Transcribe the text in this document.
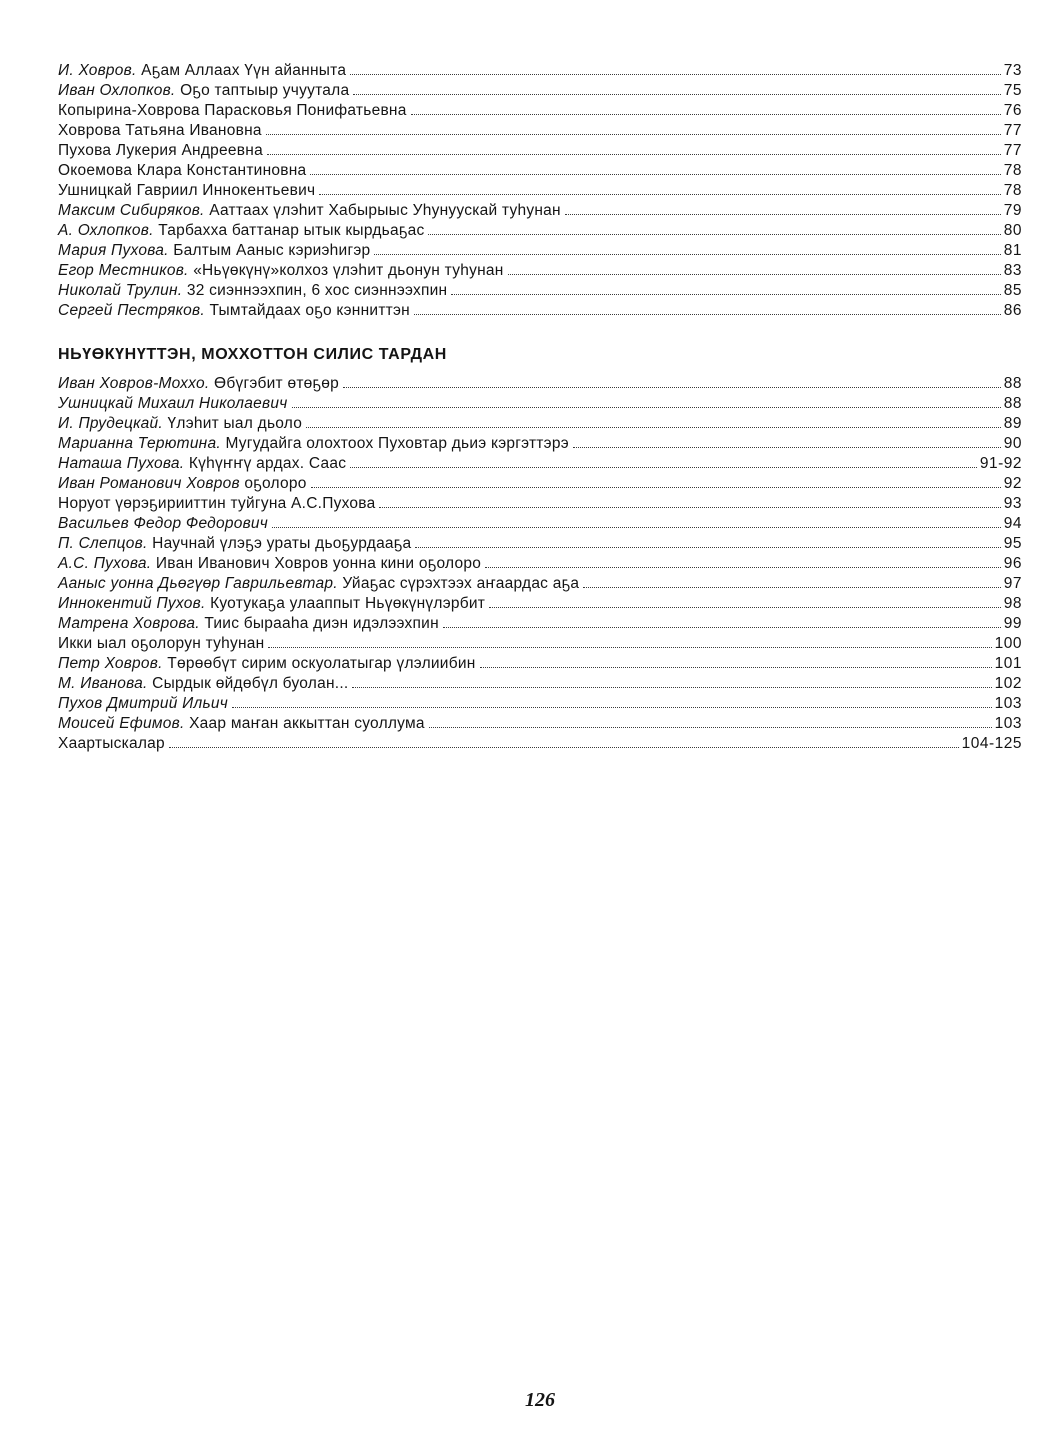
И. Ховров. Аҕам Аллаах Үүн айанныта	73
Иван Охлопков. Оҕо таптыыр учуутала	75
Копырина-Ховрова Парасковья Понифатьевна	76
Ховрова Татьяна Ивановна	77
Пухова Лукерия Андреевна	77
Окоемова Клара Константиновна	78
Ушницкай Гавриил Иннокентьевич	78
Максим Сибиряков. Ааттаах үлэһит Хабырыыс Уһунуускай туһунан	79
А. Охлопков. Тарбахха баттанар ытык кырдьаҕас	80
Мария Пухова. Балтым Ааныс кэриэһигэр	81
Егор Местников. «Ньүөкүнү»колхоз үлэһит дьонун туһунан	83
Николай Трулин. 32 сиэннээхпин, 6 хос сиэннээхпин	85
Сергей Пестряков. Тымтайдаах оҕо кэнниттэн	86
НЬҮӨКҮНҮТТЭН, МОХХОТТОН СИЛИС ТАРДАН
Иван Ховров-Моххо. Өбүгэбит өтөҕөр	88
Ушницкай Михаил Николаевич	88
И. Прудецкай. Үлэһит ыал дьоло	89
Марианна Терютина. Мугудайга олохтоох Пуховтар дьиэ кэргэттэрэ	90
Наташа Пухова. Күһүҥҥү ардах. Саас	91-92
Иван Романович Ховров оҕолоро	92
Норуот үөрэҕирииттин туйгуна А.С.Пухова	93
Васильев Федор Федорович	94
П. Слепцов. Научнай үлэҕэ ураты дьоҕурдааҕа	95
А.С. Пухова. Иван Иванович Ховров уонна кини оҕолоро	96
Ааныс уонна Дьөгүөр Гаврильевтар. Уйаҕас сүрэхтээх аҥаардас аҕа	97
Иннокентий Пухов. Куотукаҕа улааппыт Ньүөкүнүлэрбит	98
Матрена Ховрова. Тиис бырааһа диэн идэлээхпин	99
Икки ыал оҕолорун туһунан	100
Петр Ховров. Төрөөбүт сирим оскуолатыгар үлэлиибин	101
М. Иванова. Сырдык өйдөбүл буолан...	102
Пухов Дмитрий Ильич	103
Моисей Ефимов. Хаар маҥан аккыттан суоллума	103
Хаартыскалар	104-125
126
